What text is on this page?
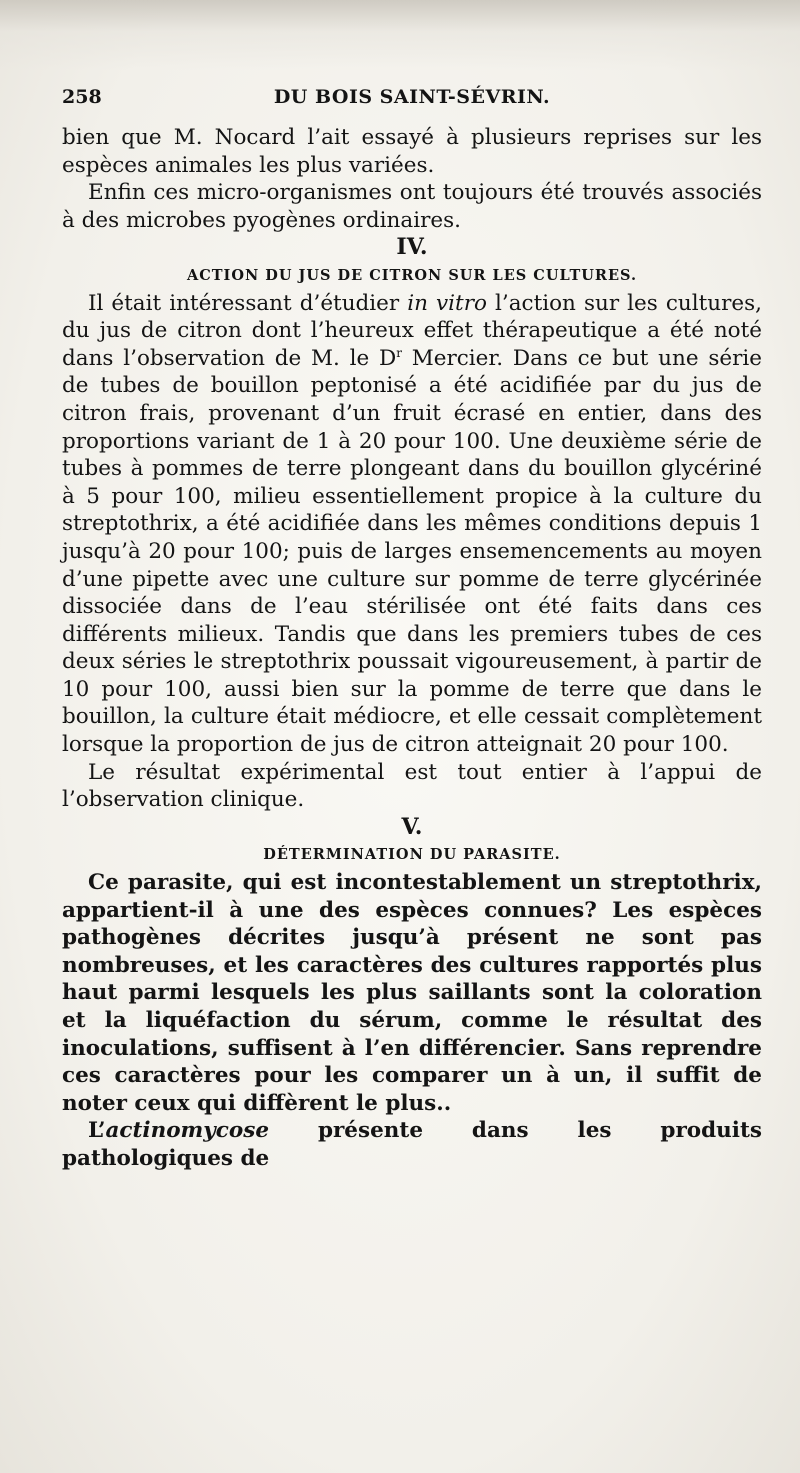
258	DU BOIS SAINT-SÉVRIN.

bien que M. Nocard l’ait essayé à plusieurs reprises sur les espèces animales les plus variées.

Enfin ces micro-organismes ont toujours été trouvés associés à des microbes pyogènes ordinaires.

IV.

ACTION DU JUS DE CITRON SUR LES CULTURES.

Il était intéressant d’étudier in vitro l’action sur les cultures, du jus de citron dont l’heureux effet thérapeutique a été noté dans l’observation de M. le $D^r$ Mercier. Dans ce but une série de tubes de bouillon peptonisé a été acidifiée par du jus de citron frais, provenant d’un fruit écrasé en entier, dans des proportions variant de 1 à 20 pour 100. Une deuxième série de tubes à pommes de terre plongeant dans du bouillon glycériné à 5 pour 100, milieu essentiellement propice à la culture du streptothrix, a été acidifiée dans les mêmes conditions depuis 1 jusqu’à 20 pour 100; puis de larges ensemencements au moyen d’une pipette avec une culture sur pomme de terre glycérinée dissociée dans de l’eau stérilisée ont été faits dans ces différents milieux. Tandis que dans les premiers tubes de ces deux séries le streptothrix poussait vigoureusement, à partir de 10 pour 100, aussi bien sur la pomme de terre que dans le bouillon, la culture était médiocre, et elle cessait complètement lorsque la proportion de jus de citron atteignait 20 pour 100.

Le résultat expérimental est tout entier à l’appui de l’observation clinique.

V.

DÉTERMINATION DU PARASITE.

Ce parasite, qui est incontestablement un streptothrix, appartient-il à une des espèces connues? Les espèces pathogènes décrites jusqu’à présent ne sont pas nombreuses, et les caractères des cultures rapportés plus haut parmi lesquels les plus saillants sont la coloration et la liquéfaction du sérum, comme le résultat des inoculations, suffisent à l’en différencier. Sans reprendre ces caractères pour les comparer un à un, il suffit de noter ceux qui diffèrent le plus..

L’actinomycose présente dans les produits pathologiques de
